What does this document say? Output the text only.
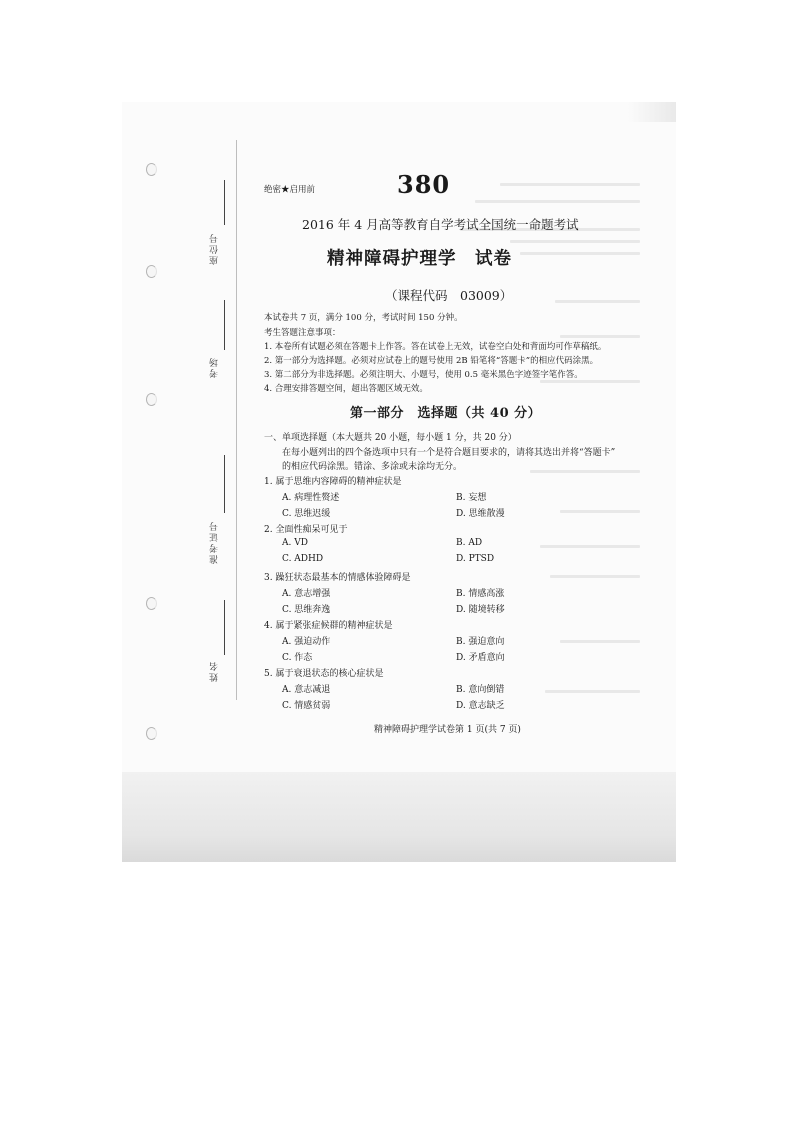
座位号
考场
准考证号
姓名
绝密★启用前	380
2016 年 4 月高等教育自学考试全国统一命题考试
精神障碍护理学　试卷
（课程代码　03009）
本试卷共 7 页，满分 100 分，考试时间 150 分钟。
考生答题注意事项：
1. 本卷所有试题必须在答题卡上作答。答在试卷上无效，试卷空白处和背面均可作草稿纸。
2. 第一部分为选择题。必须对应试卷上的题号使用 2B 铅笔将“答题卡”的相应代码涂黑。
3. 第二部分为非选择题。必须注明大、小题号，使用 0.5 毫米黑色字迹签字笔作答。
4. 合理安排答题空间，超出答题区域无效。
第一部分　选择题（共 40 分）
一、单项选择题（本大题共 20 小题，每小题 1 分，共 20 分）
在每小题列出的四个备选项中只有一个是符合题目要求的，请将其选出并将“答题卡”
的相应代码涂黑。错涂、多涂或未涂均无分。
1. 属于思维内容障碍的精神症状是
A. 病理性赘述	B. 妄想
C. 思维迟缓	D. 思维散漫
2. 全面性痴呆可见于
A. VD	B. AD
C. ADHD	D. PTSD
3. 躁狂状态最基本的情感体验障碍是
A. 意志增强	B. 情感高涨
C. 思维奔逸	D. 随境转移
4. 属于紧张症候群的精神症状是
A. 强迫动作	B. 强迫意向
C. 作态	D. 矛盾意向
5. 属于衰退状态的核心症状是
A. 意志减退	B. 意向倒错
C. 情感贫弱	D. 意志缺乏
精神障碍护理学试卷第 1 页(共 7 页)
